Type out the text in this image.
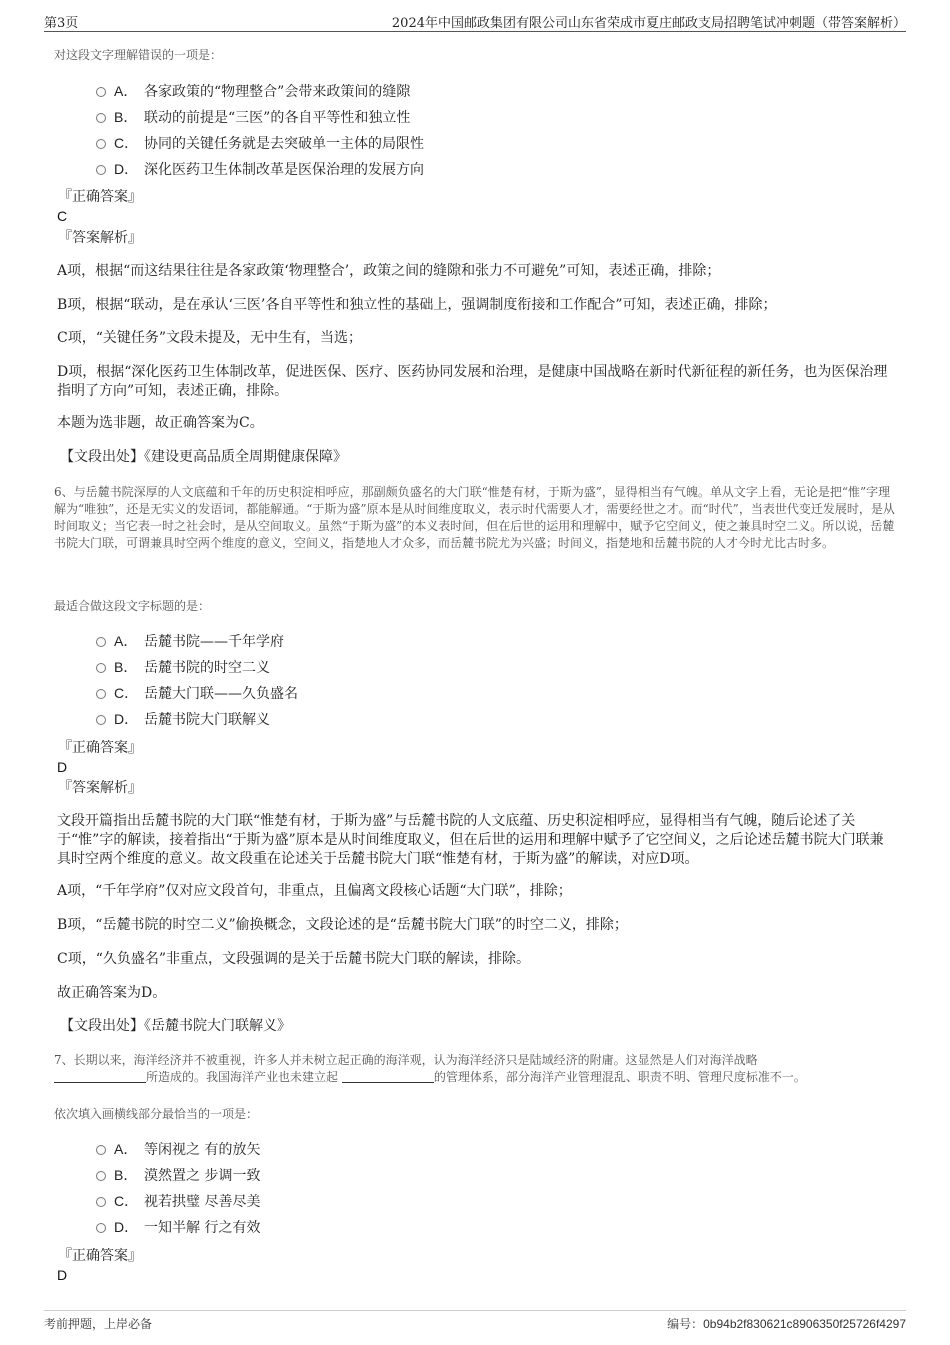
第3页	2024年中国邮政集团有限公司山东省荣成市夏庄邮政支局招聘笔试冲刺题（带答案解析）
对这段文字理解错误的一项是：
A． 各家政策的“物理整合”会带来政策间的缝隙
B． 联动的前提是“三医”的各自平等性和独立性
C． 协同的关键任务就是去突破单一主体的局限性
D． 深化医药卫生体制改革是医保治理的发展方向
『正确答案』
C
『答案解析』
A项，根据“而这结果往往是各家政策‘物理整合’，政策之间的缝隙和张力不可避免”可知，表述正确，排除；
B项，根据“联动，是在承认‘三医’各自平等性和独立性的基础上，强调制度衔接和工作配合”可知，表述正确，排除；
C项，“关键任务”文段未提及，无中生有，当选；
D项，根据“深化医药卫生体制改革，促进医保、医疗、医药协同发展和治理，是健康中国战略在新时代新征程的新任务，也为医保治理指明了方向”可知，表述正确，排除。
本题为选非题，故正确答案为C。
【文段出处】《建设更高品质全周期健康保障》
6、与岳麓书院深厚的人文底蕴和千年的历史积淀相呼应，那副颇负盛名的大门联“惟楚有材，于斯为盛”，显得相当有气魄。单从文字上看，无论是把“惟”字理解为“唯独”，还是无实义的发语词，都能解通。“于斯为盛”原本是从时间维度取义，表示时代需要人才，需要经世之才。而“时代”，当表世代变迁发展时，是从时间取义；当它表一时之社会时，是从空间取义。虽然“于斯为盛”的本义表时间，但在后世的运用和理解中，赋予它空间义，使之兼具时空二义。所以说，岳麓书院大门联，可谓兼具时空两个维度的意义，空间义，指楚地人才众多，而岳麓书院尤为兴盛；时间义，指楚地和岳麓书院的人才今时尤比古时多。
最适合做这段文字标题的是：
A． 岳麓书院——千年学府
B． 岳麓书院的时空二义
C． 岳麓大门联——久负盛名
D． 岳麓书院大门联解义
『正确答案』
D
『答案解析』
文段开篇指出岳麓书院的大门联“惟楚有材，于斯为盛”与岳麓书院的人文底蕴、历史积淀相呼应，显得相当有气魄，随后论述了关于“惟”字的解读，接着指出“于斯为盛”原本是从时间维度取义，但在后世的运用和理解中赋予了它空间义，之后论述岳麓书院大门联兼具时空两个维度的意义。故文段重在论述关于岳麓书院大门联“惟楚有材，于斯为盛”的解读，对应D项。
A项，“千年学府”仅对应文段首句，非重点，且偏离文段核心话题“大门联”，排除；
B项，“岳麓书院的时空二义”偷换概念，文段论述的是“岳麓书院大门联”的时空二义，排除；
C项，“久负盛名”非重点，文段强调的是关于岳麓书院大门联的解读，排除。
故正确答案为D。
【文段出处】《岳麓书院大门联解义》
7、长期以来，海洋经济并不被重视，许多人并未树立起正确的海洋观，认为海洋经济只是陆域经济的附庸。这显然是人们对海洋战略
所造成的。我国海洋产业也未建立起	的管理体系，部分海洋产业管理混乱、职责不明、管理尺度标准不一。
依次填入画横线部分最恰当的一项是：
A． 等闲视之 有的放矢
B． 漠然置之 步调一致
C． 视若拱璧 尽善尽美
D． 一知半解 行之有效
『正确答案』
D
考前押题，上岸必备	编号：0b94b2f830621c8906350f25726f4297
